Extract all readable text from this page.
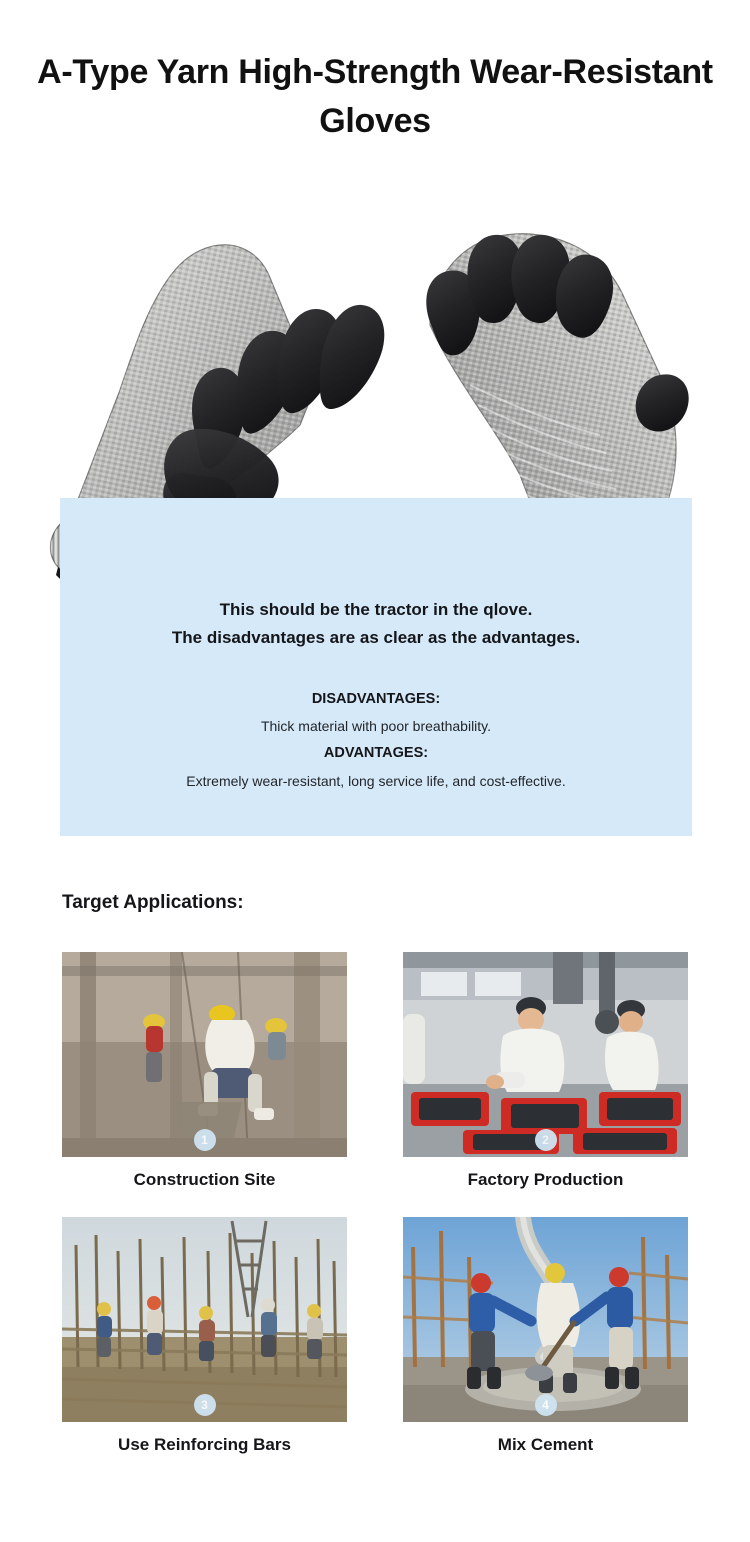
A-Type Yarn High-Strength Wear-Resistant Gloves
This should be the tractor in the qlove.
The disadvantages are as clear as the advantages.
DISADVANTAGES:
Thick material with poor breathability.
ADVANTAGES:
Extremely wear-resistant, long service life, and cost-effective.
Target Applications:
1
Construction Site
2
Factory Production
3
Use Reinforcing Bars
4
Mix Cement
